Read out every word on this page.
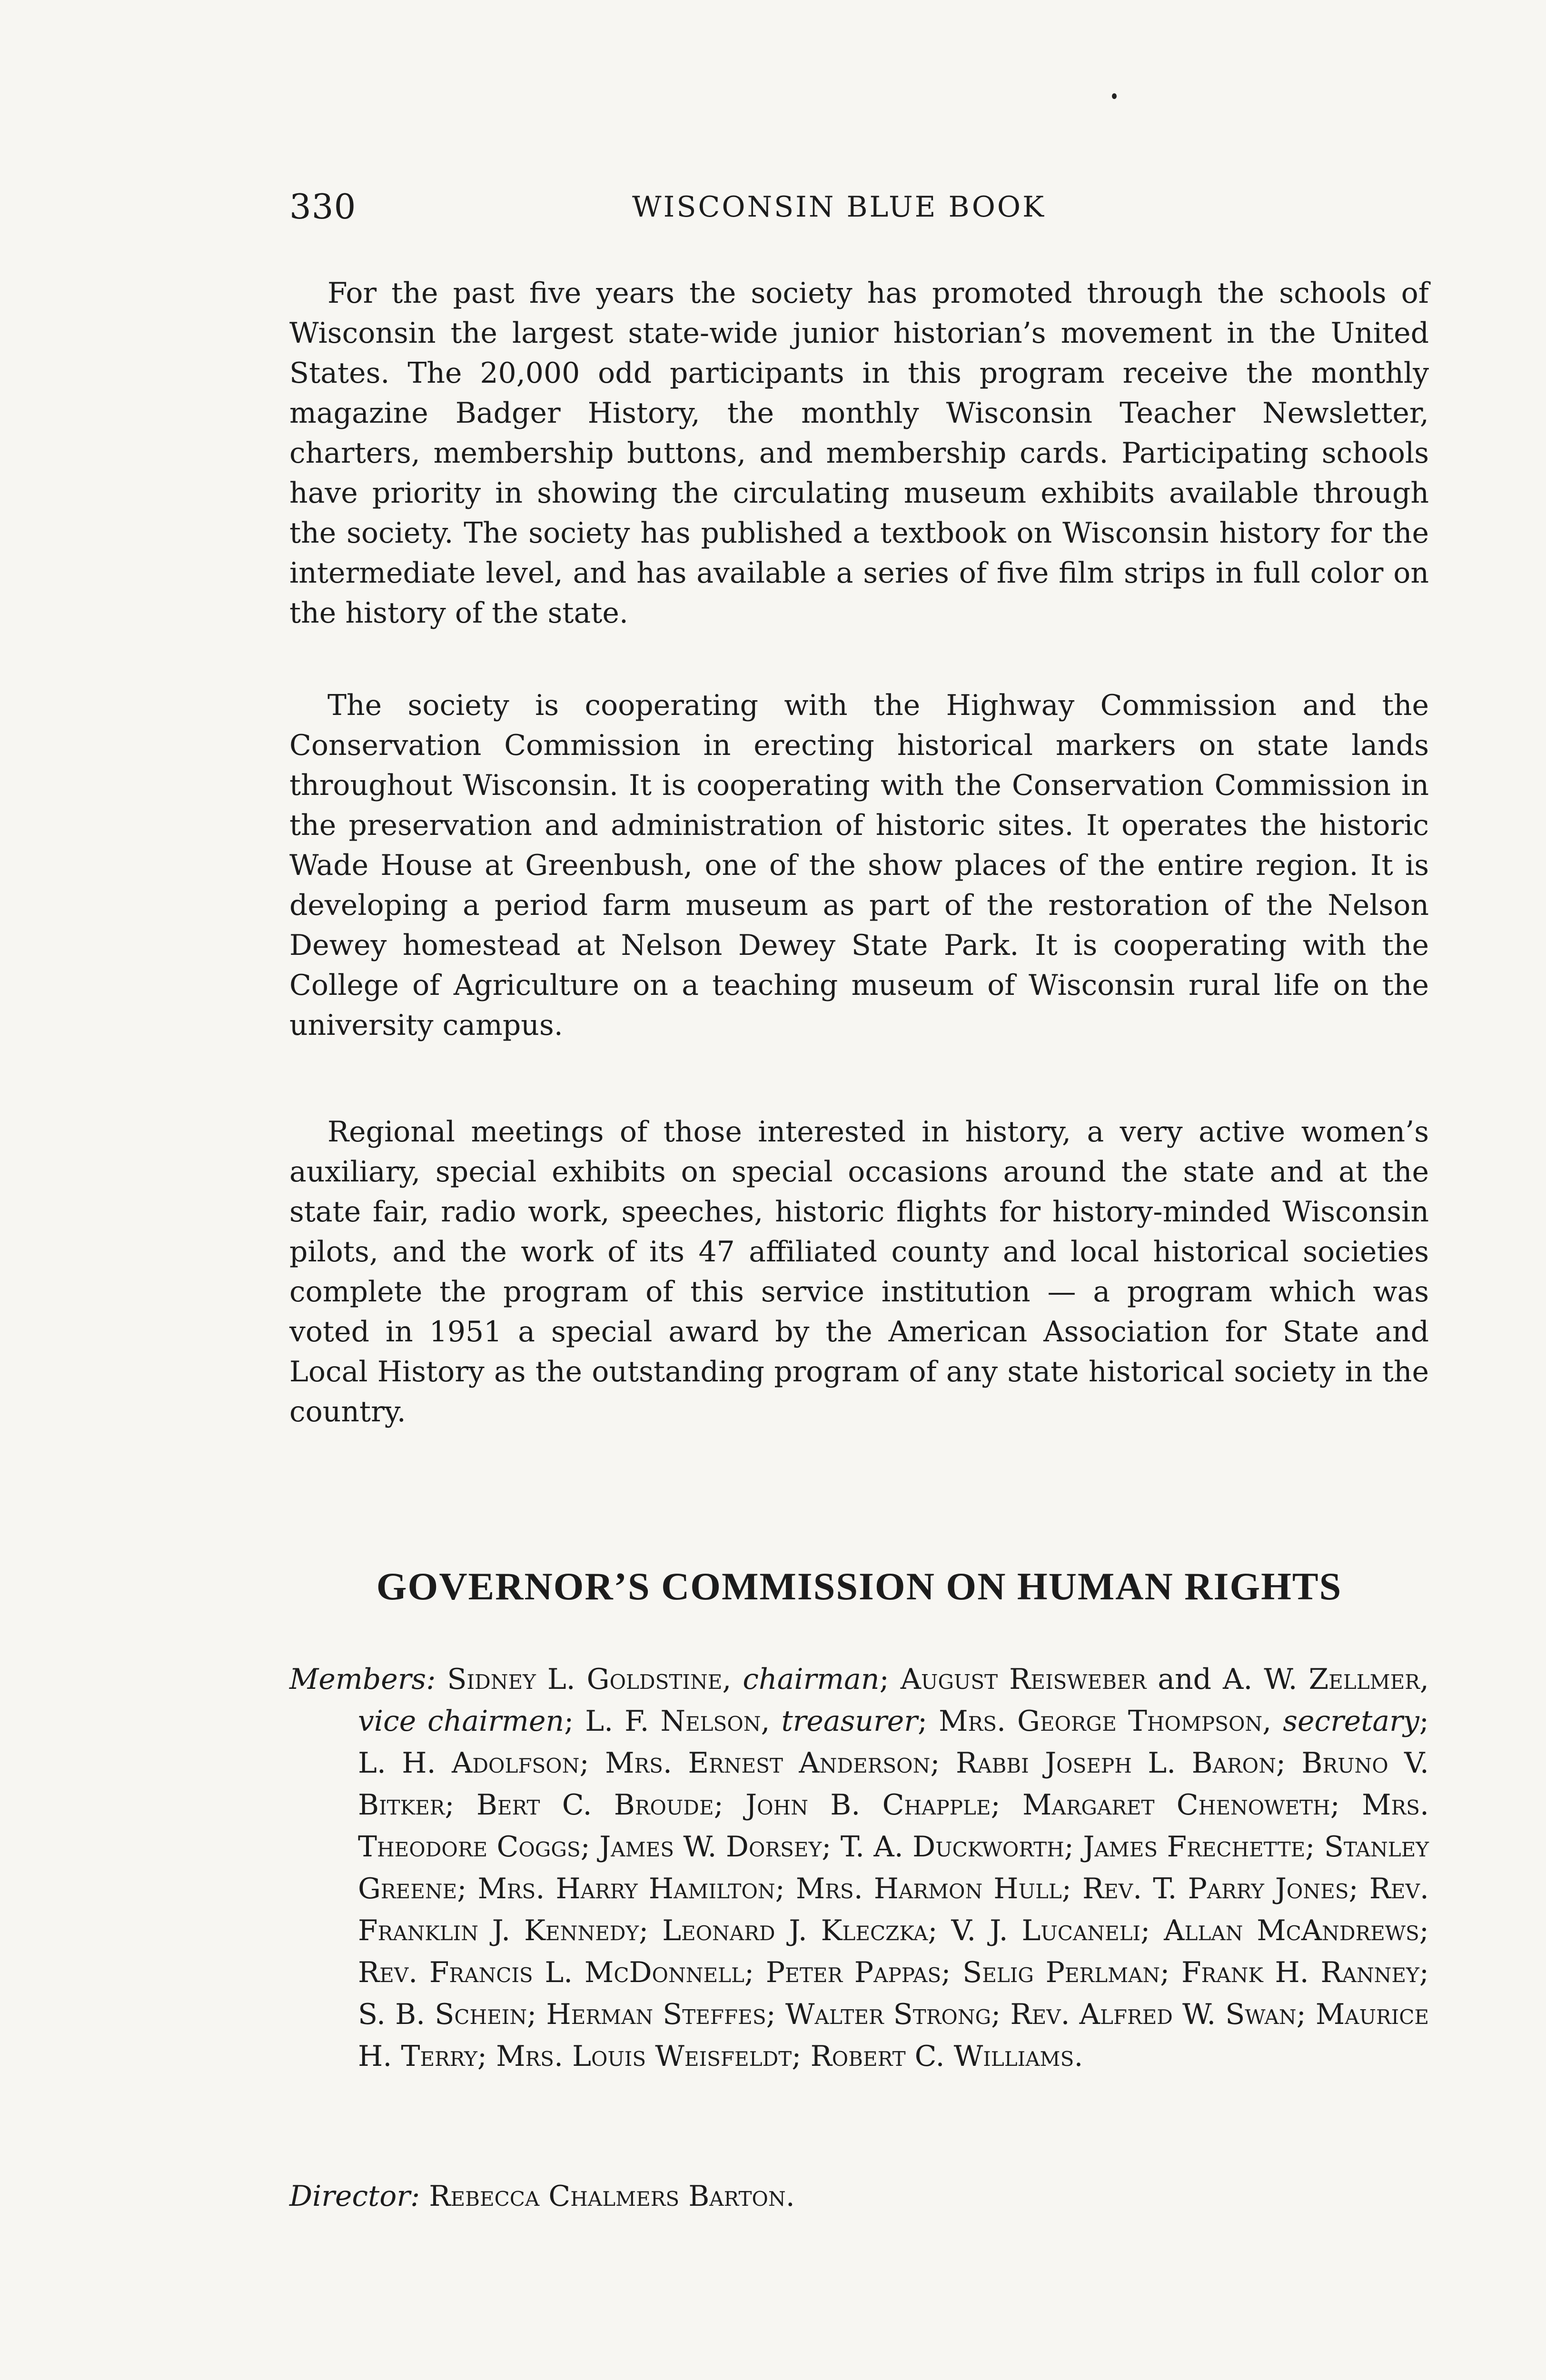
330	WISCONSIN BLUE BOOK

For the past five years the society has promoted through the schools of Wisconsin the largest state-wide junior historian’s movement in the United States. The 20,000 odd participants in this program receive the monthly magazine Badger History, the monthly Wisconsin Teacher Newsletter, charters, membership buttons, and membership cards. Participating schools have priority in showing the circulating museum exhibits available through the society. The society has published a textbook on Wisconsin history for the intermediate level, and has available a series of five film strips in full color on the history of the state.

The society is cooperating with the Highway Commission and the Conservation Commission in erecting historical markers on state lands throughout Wisconsin. It is cooperating with the Conservation Commission in the preservation and administration of historic sites. It operates the historic Wade House at Greenbush, one of the show places of the entire region. It is developing a period farm museum as part of the restoration of the Nelson Dewey homestead at Nelson Dewey State Park. It is cooperating with the College of Agriculture on a teaching museum of Wisconsin rural life on the university campus.

Regional meetings of those interested in history, a very active women’s auxiliary, special exhibits on special occasions around the state and at the state fair, radio work, speeches, historic flights for history-minded Wisconsin pilots, and the work of its 47 affiliated county and local historical societies complete the program of this service institution — a program which was voted in 1951 a special award by the American Association for State and Local History as the outstanding program of any state historical society in the country.

GOVERNOR’S COMMISSION ON HUMAN RIGHTS
Members: Sidney L. Goldstine, chairman; August Reisweber and A. W. Zellmer, vice chairmen; L. F. Nelson, treasurer; Mrs. George Thompson, secretary; L. H. Adolfson; Mrs. Ernest Anderson; Rabbi Joseph L. Baron; Bruno V. Bitker; Bert C. Broude; John B. Chapple; Margaret Chenoweth; Mrs. Theodore Coggs; James W. Dorsey; T. A. Duckworth; James Frechette; Stanley Greene; Mrs. Harry Hamilton; Mrs. Harmon Hull; Rev. T. Parry Jones; Rev. Franklin J. Kennedy; Leonard J. Kleczka; V. J. Lucaneli; Allan McAndrews; Rev. Francis L. McDonnell; Peter Pappas; Selig Perlman; Frank H. Ranney; S. B. Schein; Herman Steffes; Walter Strong; Rev. Alfred W. Swan; Maurice H. Terry; Mrs. Louis Weisfeldt; Robert C. Williams.
Director: Rebecca Chalmers Barton.
